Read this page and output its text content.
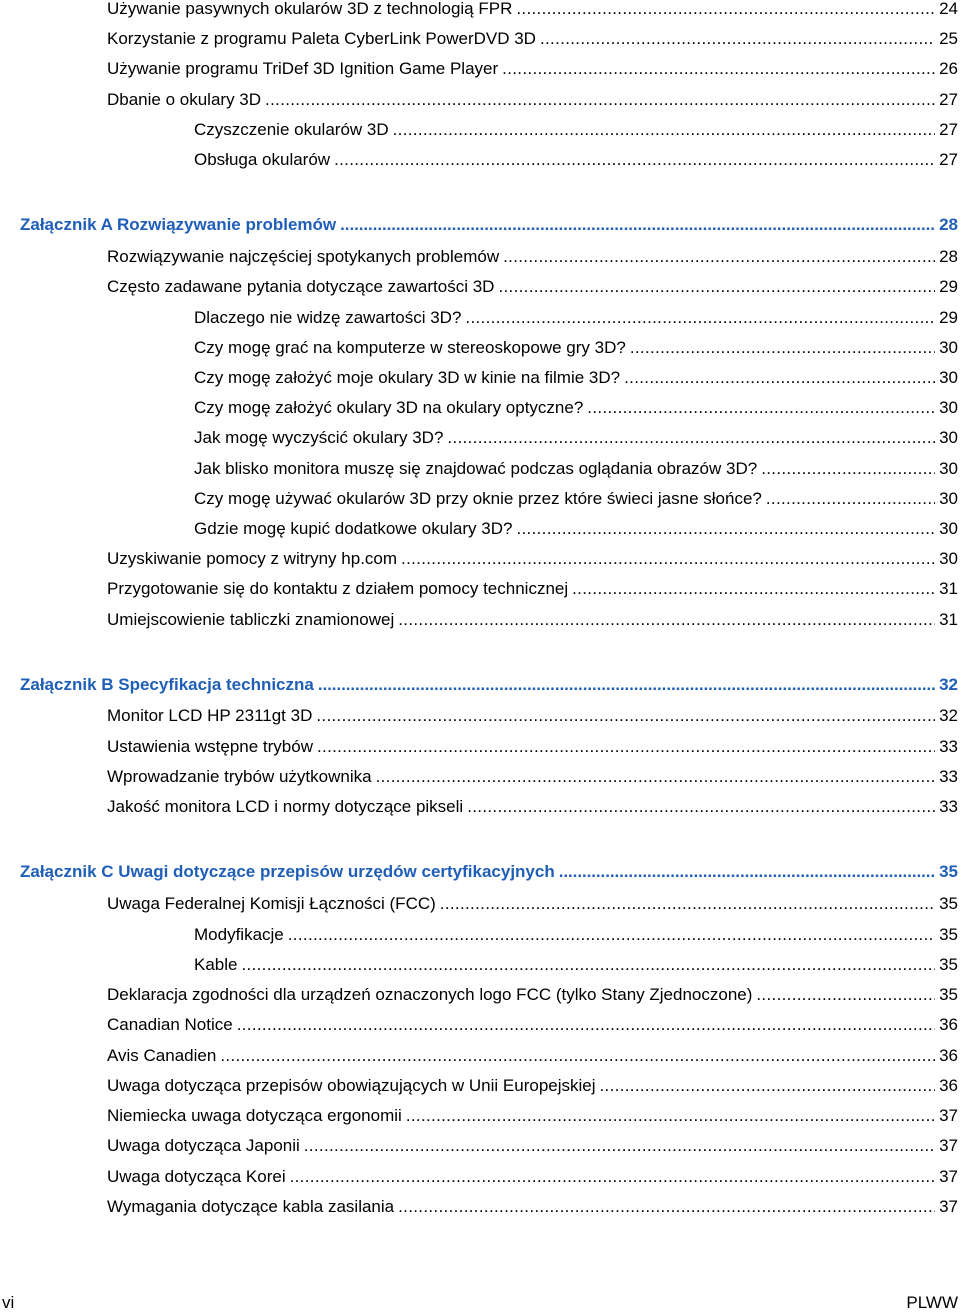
Używanie pasywnych okularów 3D z technologią FPR . . .	24
Korzystanie z programu Paleta CyberLink PowerDVD 3D . . .	25
Używanie programu TriDef 3D Ignition Game Player . . .	26
Dbanie o okulary 3D . . .	27
Czyszczenie okularów 3D . . .	27
Obsługa okularów . . .	27
Załącznik A Rozwiązywanie problemów . . .	28
Rozwiązywanie najczęściej spotykanych problemów . . .	28
Często zadawane pytania dotyczące zawartości 3D . . .	29
Dlaczego nie widzę zawartości 3D? . . .	29
Czy mogę grać na komputerze w stereoskopowe gry 3D? . . .	30
Czy mogę założyć moje okulary 3D w kinie na filmie 3D? . . .	30
Czy mogę założyć okulary 3D na okulary optyczne? . . .	30
Jak mogę wyczyścić okulary 3D? . . .	30
Jak blisko monitora muszę się znajdować podczas oglądania obrazów 3D? . . .	30
Czy mogę używać okularów 3D przy oknie przez które świeci jasne słońce? . . .	30
Gdzie mogę kupić dodatkowe okulary 3D? . . .	30
Uzyskiwanie pomocy z witryny hp.com . . .	30
Przygotowanie się do kontaktu z działem pomocy technicznej . . .	31
Umiejscowienie tabliczki znamionowej . . .	31
Załącznik B Specyfikacja techniczna . . .	32
Monitor LCD HP 2311gt 3D . . .	32
Ustawienia wstępne trybów . . .	33
Wprowadzanie trybów użytkownika . . .	33
Jakość monitora LCD i normy dotyczące pikseli . . .	33
Załącznik C Uwagi dotyczące przepisów urzędów certyfikacyjnych . . .	35
Uwaga Federalnej Komisji Łączności (FCC) . . .	35
Modyfikacje . . .	35
Kable . . .	35
Deklaracja zgodności dla urządzeń oznaczonych logo FCC (tylko Stany Zjednoczone) . . .	35
Canadian Notice . . .	36
Avis Canadien . . .	36
Uwaga dotycząca przepisów obowiązujących w Unii Europejskiej . . .	36
Niemiecka uwaga dotycząca ergonomii . . .	37
Uwaga dotycząca Japonii . . .	37
Uwaga dotycząca Korei . . .	37
Wymagania dotyczące kabla zasilania . . .	37
vi	PLWW
